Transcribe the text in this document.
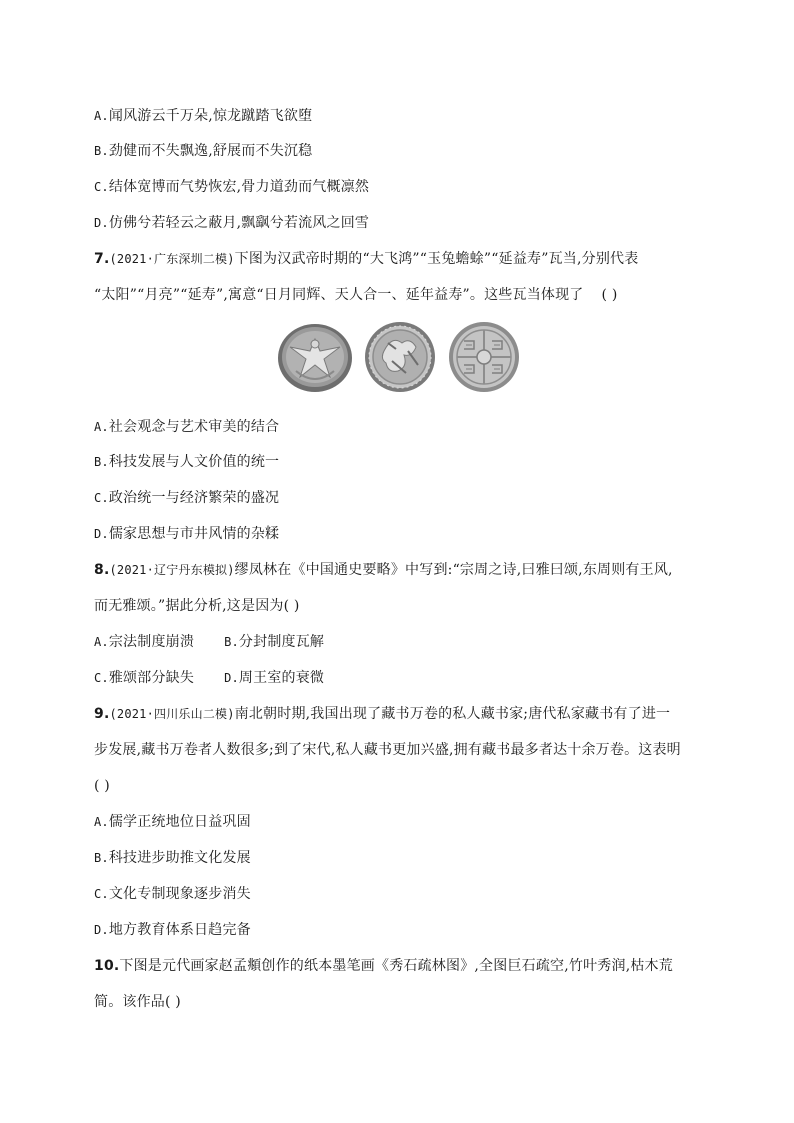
A.闻风游云千万朵,惊龙蹴踏飞欲堕
B.劲健而不失飘逸,舒展而不失沉稳
C.结体宽博而气势恢宏,骨力道劲而气概凛然
D.仿佛兮若轻云之蔽月,飘飖兮若流风之回雪
7.(2021·广东深圳二模)下图为汉武帝时期的“大飞鸿”“玉兔蟾蜍”“延益寿”瓦当,分别代表
“太阳”“月亮”“延寿”,寓意“日月同辉、天人合一、延年益寿”。这些瓦当体现了 ( )
A.社会观念与艺术审美的结合
B.科技发展与人文价值的统一
C.政治统一与经济繁荣的盛况
D.儒家思想与市井风情的杂糅
8.(2021·辽宁丹东模拟)缪凤林在《中国通史要略》中写到:“宗周之诗,曰雅曰颂,东周则有王风,
而无雅颂。”据此分析,这是因为( )
A.宗法制度崩溃	B.分封制度瓦解
C.雅颂部分缺失	D.周王室的衰微
9.(2021·四川乐山二模)南北朝时期,我国出现了藏书万卷的私人藏书家;唐代私家藏书有了进一
步发展,藏书万卷者人数很多;到了宋代,私人藏书更加兴盛,拥有藏书最多者达十余万卷。这表明
( )
A.儒学正统地位日益巩固
B.科技进步助推文化发展
C.文化专制现象逐步消失
D.地方教育体系日趋完备
10.下图是元代画家赵孟頫创作的纸本墨笔画《秀石疏林图》,全图巨石疏空,竹叶秀润,枯木荒
简。该作品( )
